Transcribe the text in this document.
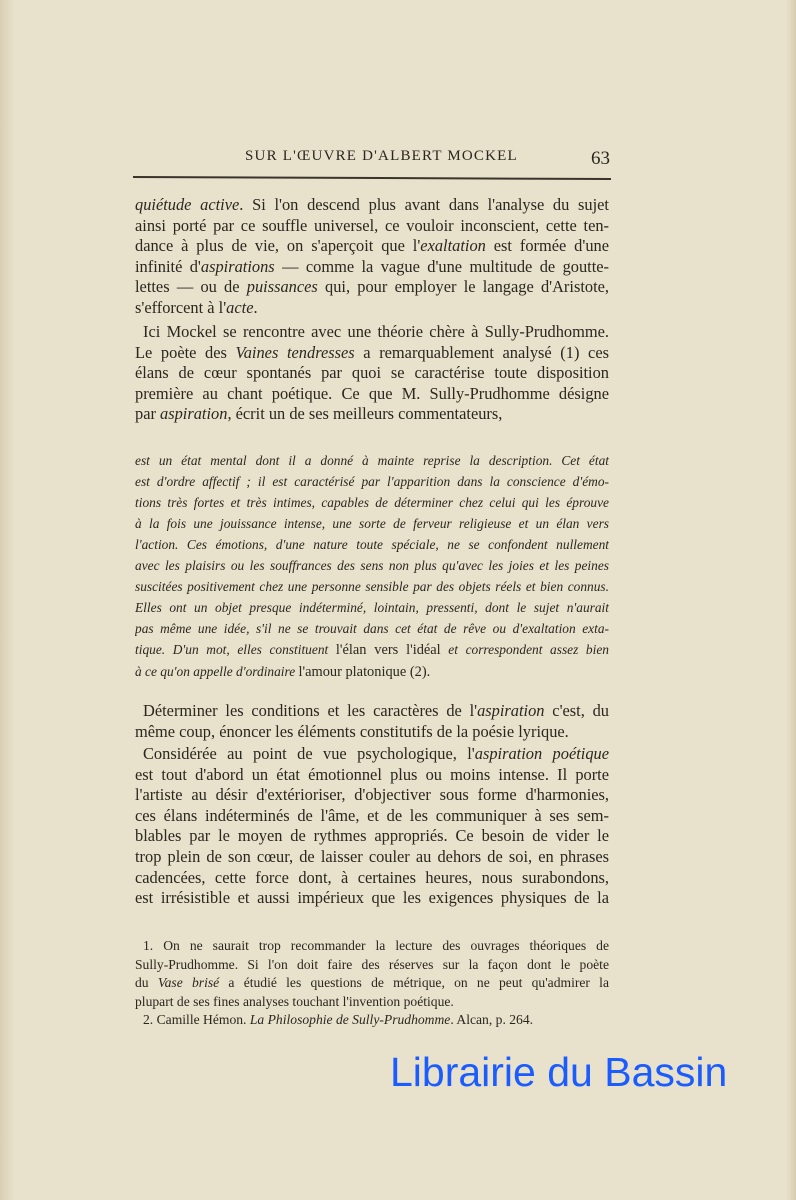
SUR L'ŒUVRE D'ALBERT MOCKEL	63
quiétude active. Si l'on descend plus avant dans l'analyse du sujet
ainsi porté par ce souffle universel, ce vouloir inconscient, cette ten-
dance à plus de vie, on s'aperçoit que l'exaltation est formée d'une
infinité d'aspirations — comme la vague d'une multitude de goutte-
lettes — ou de puissances qui, pour employer le langage d'Aristote,
s'efforcent à l'acte.
Ici Mockel se rencontre avec une théorie chère à Sully-Prudhomme.
Le poète des Vaines tendresses a remarquablement analysé (1) ces
élans de cœur spontanés par quoi se caractérise toute disposition
première au chant poétique. Ce que M. Sully-Prudhomme désigne
par aspiration, écrit un de ses meilleurs commentateurs,
est un état mental dont il a donné à mainte reprise la description. Cet état
est d'ordre affectif ; il est caractérisé par l'apparition dans la conscience d'émo-
tions très fortes et très intimes, capables de déterminer chez celui qui les éprouve
à la fois une jouissance intense, une sorte de ferveur religieuse et un élan vers
l'action. Ces émotions, d'une nature toute spéciale, ne se confondent nullement
avec les plaisirs ou les souffrances des sens non plus qu'avec les joies et les peines
suscitées positivement chez une personne sensible par des objets réels et bien connus.
Elles ont un objet presque indéterminé, lointain, pressenti, dont le sujet n'aurait
pas même une idée, s'il ne se trouvait dans cet état de rêve ou d'exaltation exta-
tique. D'un mot, elles constituent l'élan vers l'idéal et correspondent assez bien
à ce qu'on appelle d'ordinaire l'amour platonique (2).
Déterminer les conditions et les caractères de l'aspiration c'est, du
même coup, énoncer les éléments constitutifs de la poésie lyrique.
Considérée au point de vue psychologique, l'aspiration poétique
est tout d'abord un état émotionnel plus ou moins intense. Il porte
l'artiste au désir d'extérioriser, d'objectiver sous forme d'harmonies,
ces élans indéterminés de l'âme, et de les communiquer à ses sem-
blables par le moyen de rythmes appropriés. Ce besoin de vider le
trop plein de son cœur, de laisser couler au dehors de soi, en phrases
cadencées, cette force dont, à certaines heures, nous surabondons,
est irrésistible et aussi impérieux que les exigences physiques de la
1. On ne saurait trop recommander la lecture des ouvrages théoriques de
Sully-Prudhomme. Si l'on doit faire des réserves sur la façon dont le poète
du Vase brisé a étudié les questions de métrique, on ne peut qu'admirer la
plupart de ses fines analyses touchant l'invention poétique.
2. Camille Hémon. La Philosophie de Sully-Prudhomme. Alcan, p. 264.
Librairie du Bassin
